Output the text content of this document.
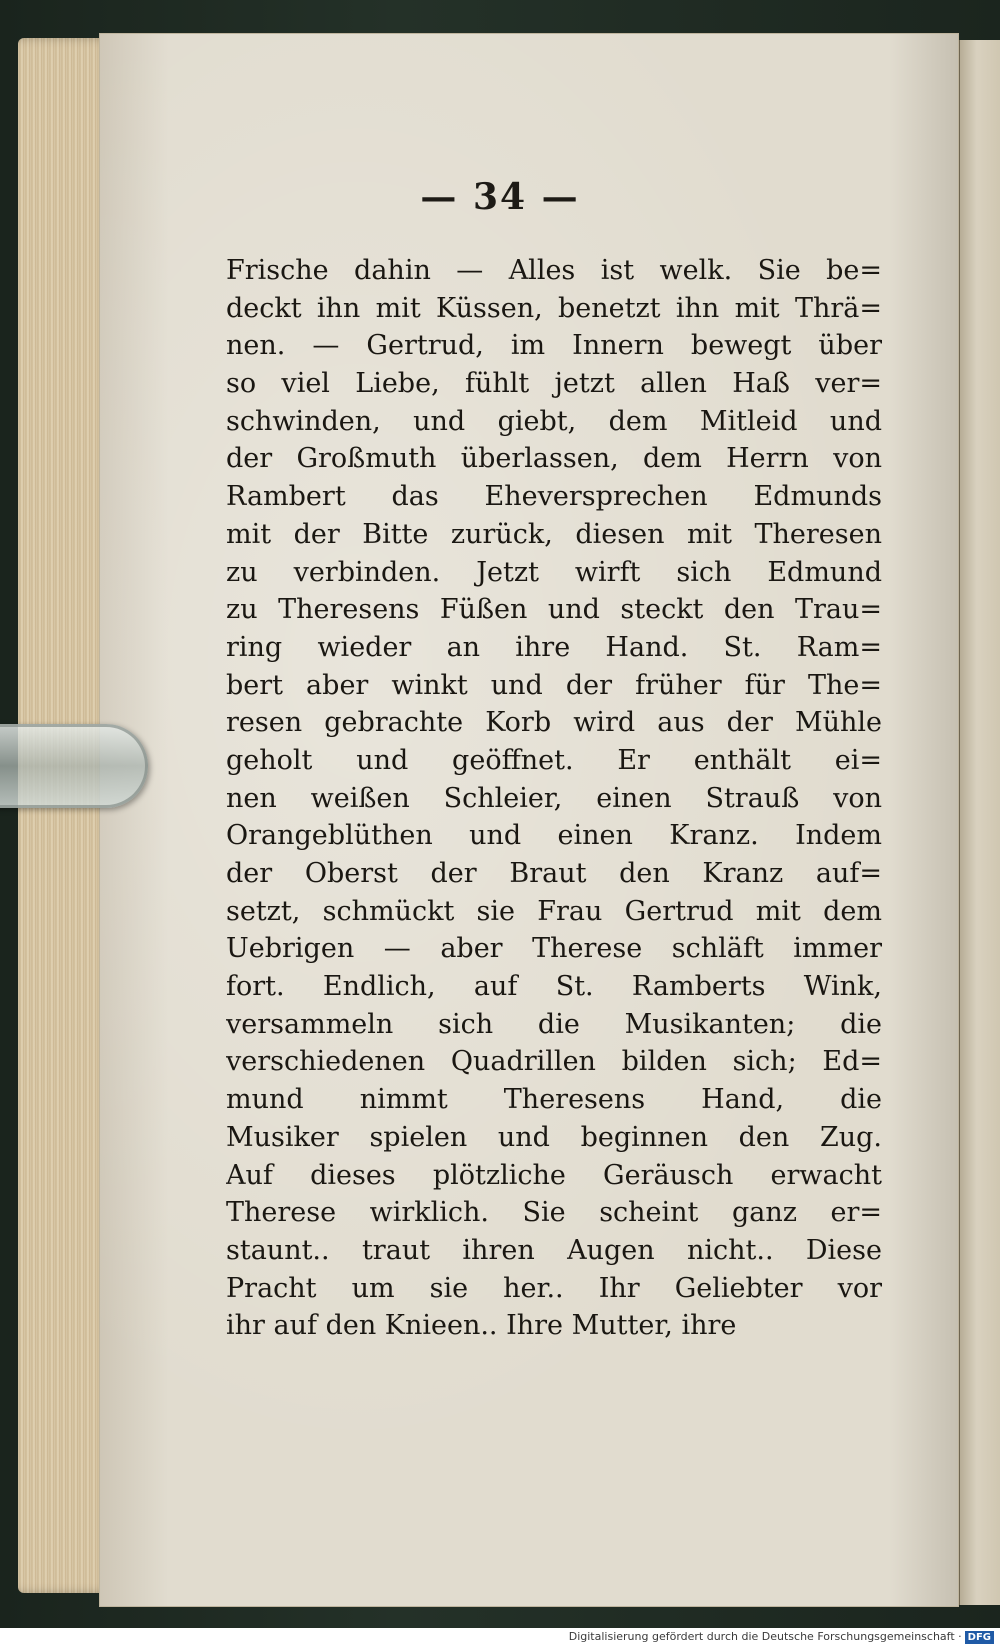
— 34 —
Frische dahin — Alles ist welk. Sie be=
deckt ihn mit Küssen, benetzt ihn mit Thrä=
nen. — Gertrud, im Innern bewegt über
so viel Liebe, fühlt jetzt allen Haß ver=
schwinden, und giebt, dem Mitleid und
der Großmuth überlassen, dem Herrn von
Rambert das Eheversprechen Edmunds
mit der Bitte zurück, diesen mit Theresen
zu verbinden. Jetzt wirft sich Edmund
zu Theresens Füßen und steckt den Trau=
ring wieder an ihre Hand. St. Ram=
bert aber winkt und der früher für The=
resen gebrachte Korb wird aus der Mühle
geholt und geöffnet. Er enthält ei=
nen weißen Schleier, einen Strauß von
Orangeblüthen und einen Kranz. Indem
der Oberst der Braut den Kranz auf=
setzt, schmückt sie Frau Gertrud mit dem
Uebrigen — aber Therese schläft immer
fort. Endlich, auf St. Ramberts Wink,
versammeln sich die Musikanten; die
verschiedenen Quadrillen bilden sich; Ed=
mund nimmt Theresens Hand, die
Musiker spielen und beginnen den Zug.
Auf dieses plötzliche Geräusch erwacht
Therese wirklich. Sie scheint ganz er=
staunt.. traut ihren Augen nicht.. Diese
Pracht um sie her.. Ihr Geliebter vor
ihr auf den Knieen.. Ihre Mutter, ihre
Digitalisierung gefördert durch die Deutsche Forschungsgemeinschaft · DFG
